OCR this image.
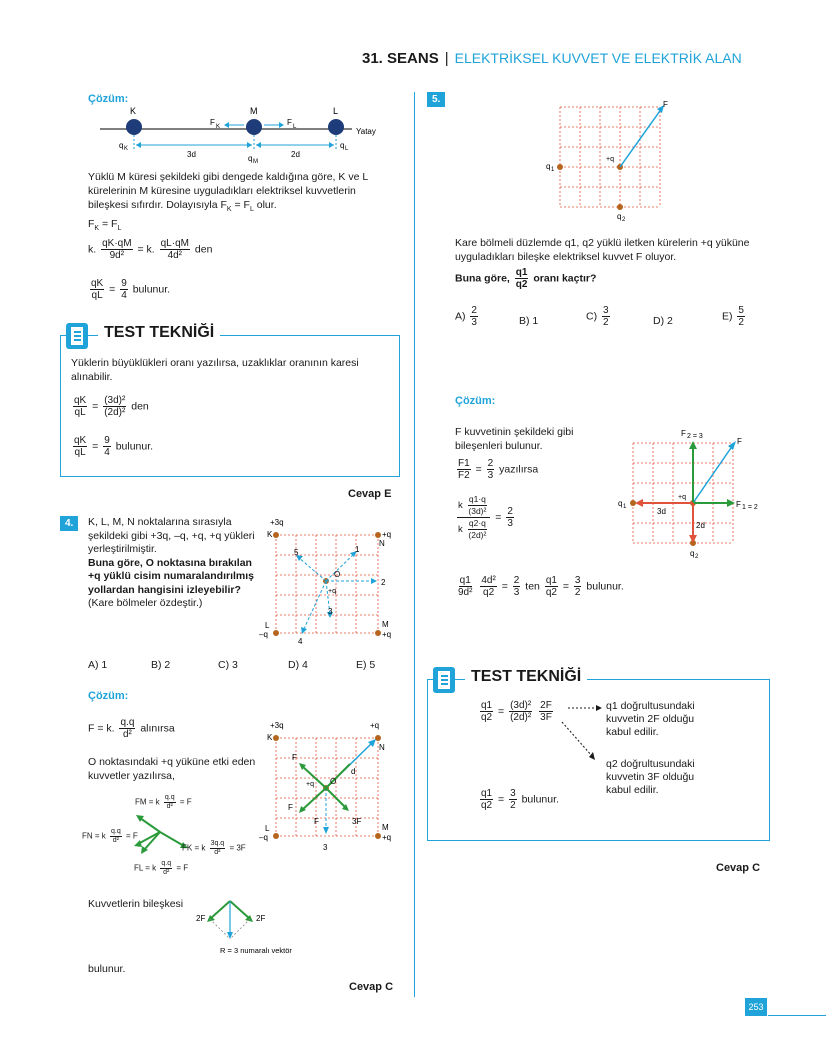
31. SEANS | ELEKTRİKSEL KUVVET VE ELEKTRİK ALAN
Çözüm:
K	M	L
Yatay
F K	F L
q K
3d	q M
2d
q L
Yüklü M küresi şekildeki gibi dengede kaldığına göre, K ve L kürelerinin M küresine uyguladıkları elektriksel kuvvetlerin bileşkesi sıfırdır. Dolayısıyla $F_K = F_L$ olur.
$F_K = F_L$
k. $\frac{qK\cdot qM}{\text{9d²}} = k$. $\frac{qL\cdot qM}{\text{4d²}}$ den
$\frac{qK}{qL} = \frac{9}{4}$ bulunur.
TEST TEKNİĞİ
Yüklerin büyüklükleri oranı yazılırsa, uzaklıklar oranının karesi alınabilir.
$\frac{qK}{qL} = \frac{\text{(3d)²}}{\text{(2d)²}}$ den
$\frac{qK}{qL} = \frac{9}{4}$ bulunur.
Cevap E
4.	K, L, M, N noktalarına sırasıyla şekildeki gibi +3q, –q, +q, +q yükleri yerleştirilmiştir.
Buna göre, O noktasına bırakılan +q yüklü cisim numaralandırılmış yollardan hangisini izleyebilir?
(Kare bölmeler özdeştir.)
+3q
K	+q
N
L
–q
M
+q
O
+q
1
2
3
4
5
A) 1	B) 2	C) 3	D) 4	E) 5
Çözüm:
F = k. $\frac{q.q}{\text{d²}}$ alınırsa
O noktasındaki +q yüküne etki eden kuvvetler yazılırsa,
+3q
K
+q
N
L
–q
M
+q
O
+q
F
F
F	3F
d
3
FM = k $\frac{q.q}{\text{d²}} = F$
FN = k $\frac{q.q}{\text{d²}} = F$
FK = k $\frac{3q.q}{\text{d²}} = 3F$
FL = k $\frac{q.q}{\text{d²}} = F$
Kuvvetlerin bileşkesi
2F	2F
R = 3 numaralı vektör
bulunur.
Cevap C
5.	F
q 1
q 2
+q
Kare bölmeli düzlemde q1, q2 yüklü iletken kürelerin +q yüküne uyguladıkları bileşke elektriksel kuvvet F oluyor.
Buna göre, $\frac{q1}{q2}$ oranı kaçtır?
$A) \frac{2}{3}$	B) 1	$C) \frac{3}{2}$	D) 2	$E) \frac{5}{2}$
Çözüm:
F kuvvetinin şekildeki gibi bileşenleri bulunur.
$\frac{F1}{F2} = \frac{2}{3}$ yazılırsa
$\frac{k \frac{q1\cdot q}{\text{(3d)²}}}{k \frac{q2\cdot q}{\text{(2d)²}}} = \frac{2}{3}$
$\frac{q1}{\text{9d²}}$
$\frac{\text{4d²}}{q2} = \frac{2}{3}$ ten $\frac{q1}{q2} = \frac{3}{2}$ bulunur.
F 2 = 3
F
F 1 = 2
q 1
q 2
+q
3d
2d
TEST TEKNİĞİ
$\frac{q1}{q2} = \frac{\text{(3d)²}}{\text{(2d)²}}$
$\frac{2F}{3F}$	q1 doğrultusundaki kuvvetin 2F olduğu kabul edilir.
q2 doğrultusundaki kuvvetin 3F olduğu kabul edilir.
$\frac{q1}{q2} = \frac{3}{2}$ bulunur.
Cevap C
253
